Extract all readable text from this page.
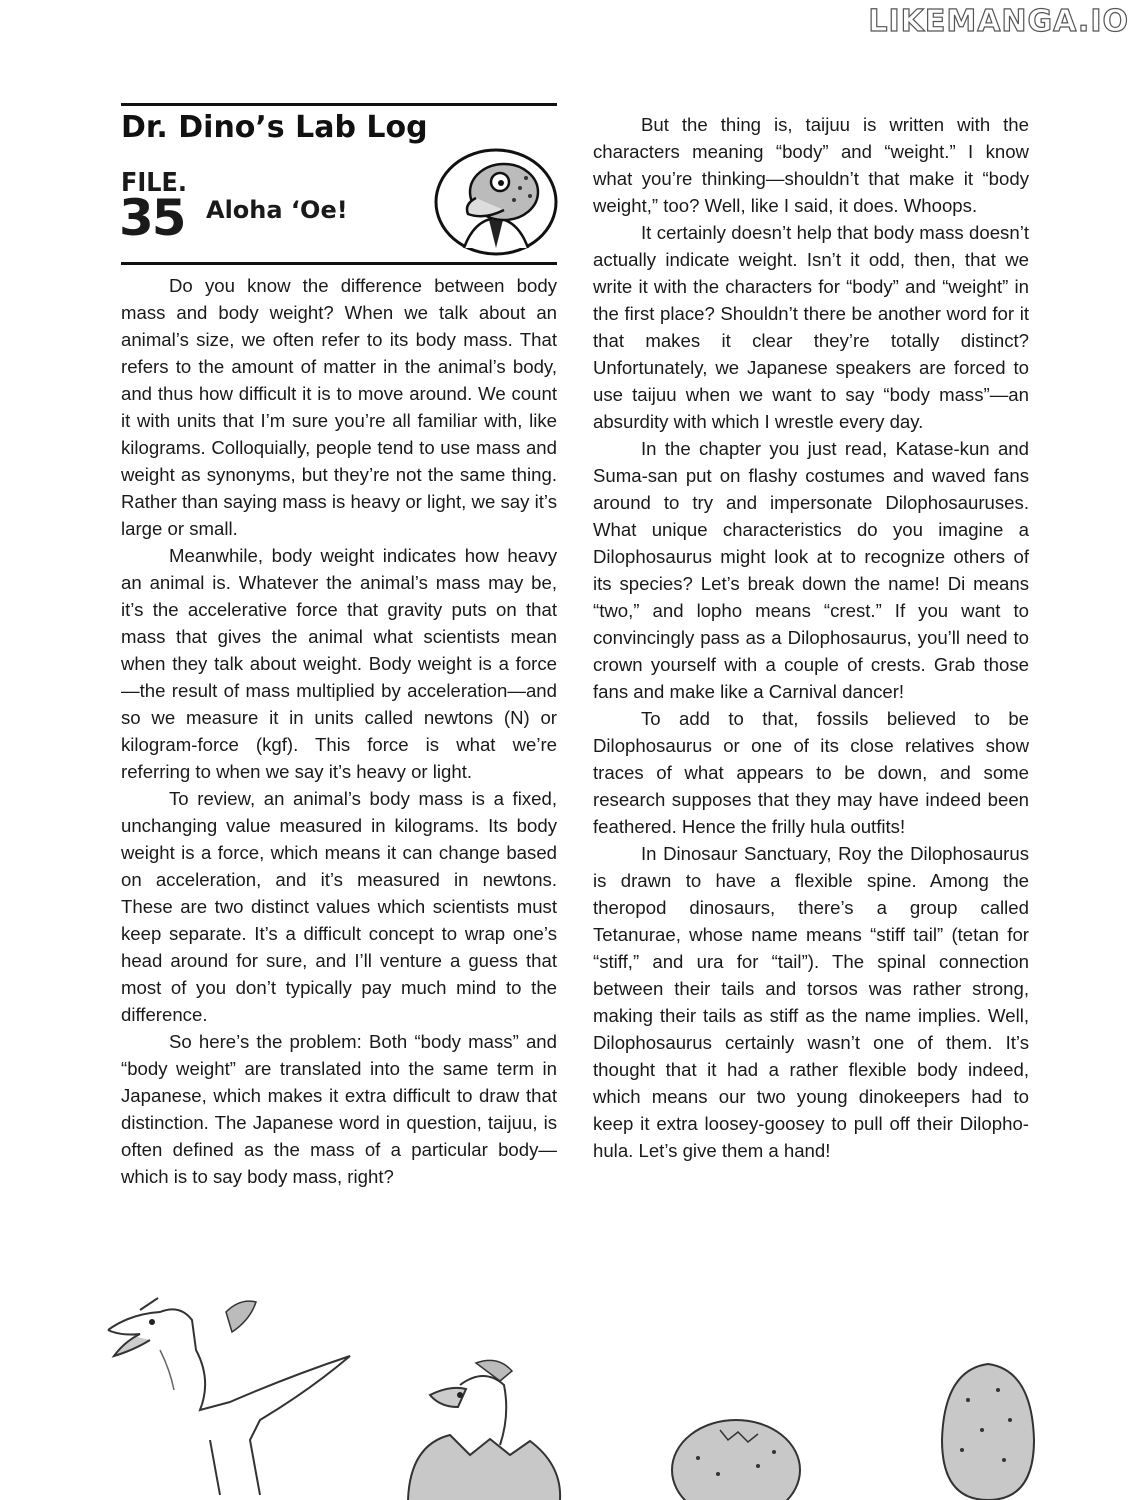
LIKEMANGA.IO
Dr. Dino’s Lab Log
FILE.
35 Aloha ‘Oe!

Do you know the difference between body mass and body weight? When we talk about an animal’s size, we often refer to its body mass. That refers to the amount of matter in the animal’s body, and thus how difficult it is to move around. We count it with units that I’m sure you’re all familiar with, like kilograms. Colloquially, people tend to use mass and weight as synonyms, but they’re not the same thing. Rather than saying mass is heavy or light, we say it’s large or small.

Meanwhile, body weight indicates how heavy an animal is. Whatever the animal’s mass may be, it’s the accelerative force that gravity puts on that mass that gives the animal what scientists mean when they talk about weight. Body weight is a force—the result of mass multiplied by acceleration—and so we measure it in units called newtons (N) or kilogram-force (kgf). This force is what we’re referring to when we say it’s heavy or light.

To review, an animal’s body mass is a fixed, unchanging value measured in kilograms. Its body weight is a force, which means it can change based on acceleration, and it’s measured in newtons. These are two distinct values which scientists must keep separate. It’s a difficult concept to wrap one’s head around for sure, and I’ll venture a guess that most of you don’t typically pay much mind to the difference.

So here’s the problem: Both “body mass” and “body weight” are translated into the same term in Japanese, which makes it extra difficult to draw that distinction. The Japanese word in question, taijuu, is often defined as the mass of a particular body—which is to say body mass, right?

But the thing is, taijuu is written with the characters meaning “body” and “weight.” I know what you’re thinking—shouldn’t that make it “body weight,” too? Well, like I said, it does. Whoops.

It certainly doesn’t help that body mass doesn’t actually indicate weight. Isn’t it odd, then, that we write it with the characters for “body” and “weight” in the first place? Shouldn’t there be another word for it that makes it clear they’re totally distinct? Unfortunately, we Japanese speakers are forced to use taijuu when we want to say “body mass”—an absurdity with which I wrestle every day.

In the chapter you just read, Katase-kun and Suma-san put on flashy costumes and waved fans around to try and impersonate Dilophosauruses. What unique characteristics do you imagine a Dilophosaurus might look at to recognize others of its species? Let’s break down the name! Di means “two,” and lopho means “crest.” If you want to convincingly pass as a Dilophosaurus, you’ll need to crown yourself with a couple of crests. Grab those fans and make like a Carnival dancer!

To add to that, fossils believed to be Dilophosaurus or one of its close relatives show traces of what appears to be down, and some research supposes that they may have indeed been feathered. Hence the frilly hula outfits!

In Dinosaur Sanctuary, Roy the Dilophosaurus is drawn to have a flexible spine. Among the theropod dinosaurs, there’s a group called Tetanurae, whose name means “stiff tail” (tetan for “stiff,” and ura for “tail”). The spinal connection between their tails and torsos was rather strong, making their tails as stiff as the name implies. Well, Dilophosaurus certainly wasn’t one of them. It’s thought that it had a rather flexible body indeed, which means our two young dinokeepers had to keep it extra loosey-goosey to pull off their Dilopho-hula. Let’s give them a hand!
